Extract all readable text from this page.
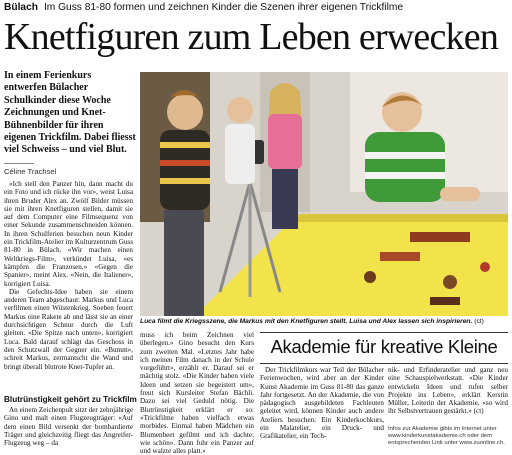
Bülach Im Guss 81-80 formen und zeichnen Kinder die Szenen ihrer eigenen Trickfilme
Knetfiguren zum Leben erwecken
In einem Ferienkurs entwerfen Bülacher Schulkinder diese Woche Zeichnungen und Knet-Bühnenbilder für ihren eigenen Trickfilm. Dabei fliesst viel Schweiss – und viel Blut.
Céline Trachsel

«Ich stell den Panzer hin, dann macht du ein Foto und ich rücke ihn vor», weist Luisa ihren Bruder Alex an. Zwölf Bilder müssen sie mit ihren Knetfiguren stellen, damit sie auf dem Computer eine Filmsequenz von einer Sekunde zusammenschneiden können. In ihren Schulferien besuchen neun Kinder ein Trickfilm-Atelier im Kulturzentrum Guss 81-80 in Bülach. «Wir machen einen Weltkriegs-Film», verkündet Luisa, «es kämpfen die Franzosen.» «Gegen die Spanier», meint Alex. «Nein, die Italiener», korrigiert Luisa.

Die Gefechts-Idee haben sie einem anderen Team abgeschaut: Markus und Luca verfilmen einen Wüstenkrieg. Soeben feuert Markus eine Rakete ab und lässt sie an einer durchsichtigen Schnur durch die Luft gleiten. «Die Spitze nach unten», korrigiert Luca. Bald darauf schlägt das Geschoss in den Schutzwall der Gegner ein. «Bumm», schreit Markus, zermantscht die Wand und bringt überall blutrote Knet-Tupfer an.

Blutrünstigkeit gehört zu Trickfilm

An einem Zeichenpult sitzt der zehnjährige Gino und malt einen Flugzeugträger: «Auf dem einen Bild versenkt der bombardierte Träger und gleichzeitig fliegt das Angreifer-Flugzeug weg – da

Luca filmt die Kriegsszene, die Markus mit den Knetfiguren stellt. Luisa und Alex lassen sich inspirieren. (ct)

muss ich beim Zeichnen viel überlegen.» Gino besucht den Kurs zum zweiten Mal. «Letztes Jahr habe ich meinen Film danach in der Schule vorgeführt», erzählt er. Darauf sei er mächtig stolz. «Die Kinder haben viele Ideen und setzen sie begeistert um», freut sich Kursleiter Stefan Bächli. Dazu sei viel Geduld nötig. Die Blutrünstigkeit erklärt er so: «Trickfilme haben vielfach etwas morbides. Einmal haben Mädchen ein Blumenbeet gefilmt und ich dachte: wie schön». Dann fuhr ein Panzer auf und walzte alles platt.»

Akademie für kreative Kleine

Der Trickfilmkurs war Teil der Bülacher Ferienwochen, wird aber an der Kinder Kunst Akademie im Guss 81-80 das ganze Jahr fortgesetzt. An der Akademie, die von pädagogisch ausgebildeten Fachleuten geleitet wird, können Kinder auch andere Ateliers besuchen: Ein Kinderkochkurs, ein Malatelier, ein Druck- und Grafikatelier, ein Tech-

nik- und Erfinderatelier und ganz neu eine Schauspielwerkstatt. «Die Kinder entwickeln Ideen und rufen selber Projekte ins Leben», erklärt Kerstin Müller, Leiterin der Akademie, «so wird ihr Selbstvertrauen gestärkt.» (ct)

Infos zur Akademie gibts im Internet unter www.kinderkunstakademie.ch oder dem entsprechenden Link unter www.zuonline.ch.
